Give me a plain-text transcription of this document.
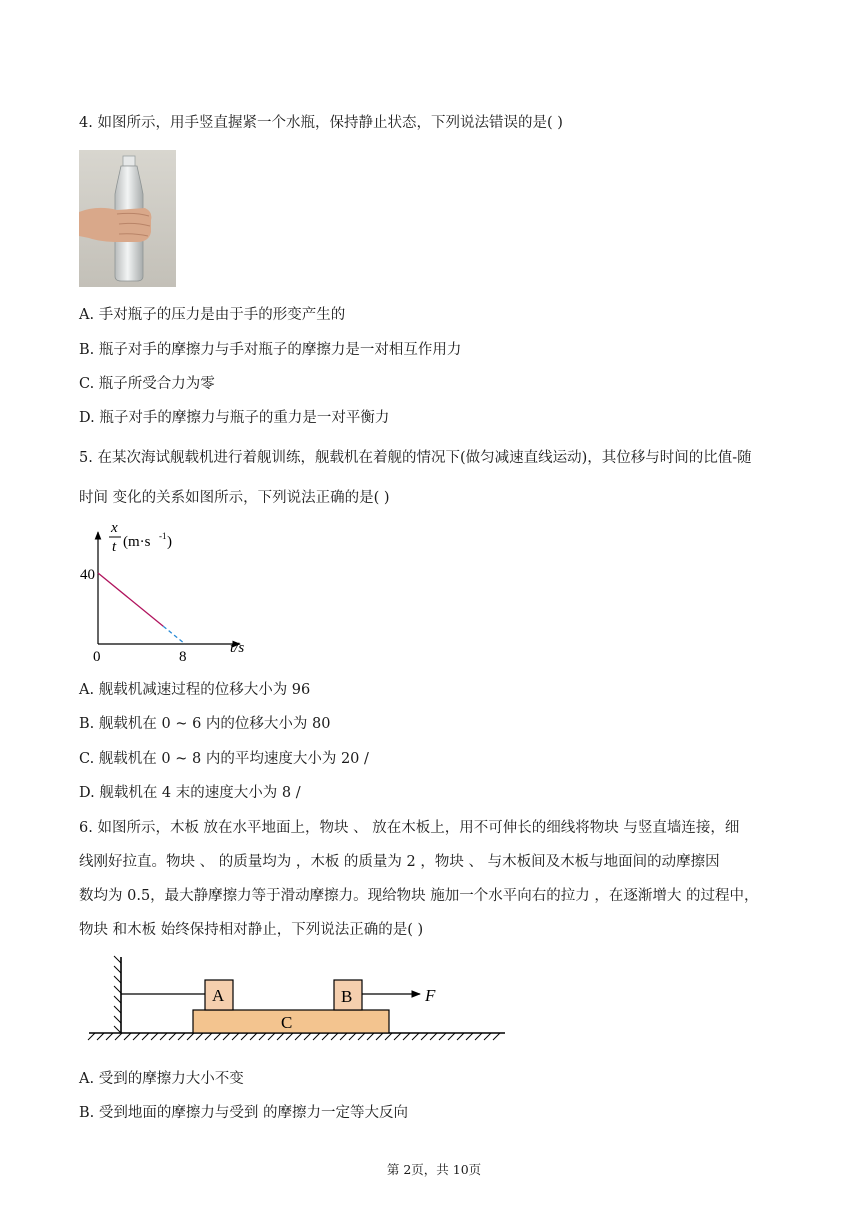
4. 如图所示，用手竖直握紧一个水瓶，保持静止状态，下列说法错误的是( )
A. 手对瓶子的压力是由于手的形变产生的
B. 瓶子对手的摩擦力与手对瓶子的摩擦力是一对相互作用力
C. 瓶子所受合力为零
D. 瓶子对手的摩擦力与瓶子的重力是一对平衡力
5. 在某次海试舰载机进行着舰训练，舰载机在着舰的情况下(做匀减速直线运动)，其位移与时间的比值-随
时间 变化的关系如图所示，下列说法正确的是( )
x
t (m·s -1 )
40
0	8
t/s
A. 舰载机减速过程的位移大小为 96
B. 舰载机在 0 ~ 6 内的位移大小为 80
C. 舰载机在 0 ~ 8 内的平均速度大小为 20 /
D. 舰载机在 4 末的速度大小为 8 /
6. 如图所示，木板 放在水平地面上，物块 、 放在木板上，用不可伸长的细线将物块 与竖直墙连接，细
线刚好拉直。物块 、 的质量均为 ，木板 的质量为 2 ，物块 、 与木板间及木板与地面间的动摩擦因
数均为 0.5，最大静摩擦力等于滑动摩擦力。现给物块 施加一个水平向右的拉力 ，在逐渐增大 的过程中，
物块 和木板 始终保持相对静止，下列说法正确的是( )
C
A	B	F
A. 受到的摩擦力大小不变
B. 受到地面的摩擦力与受到 的摩擦力一定等大反向
第 2页，共 10页
